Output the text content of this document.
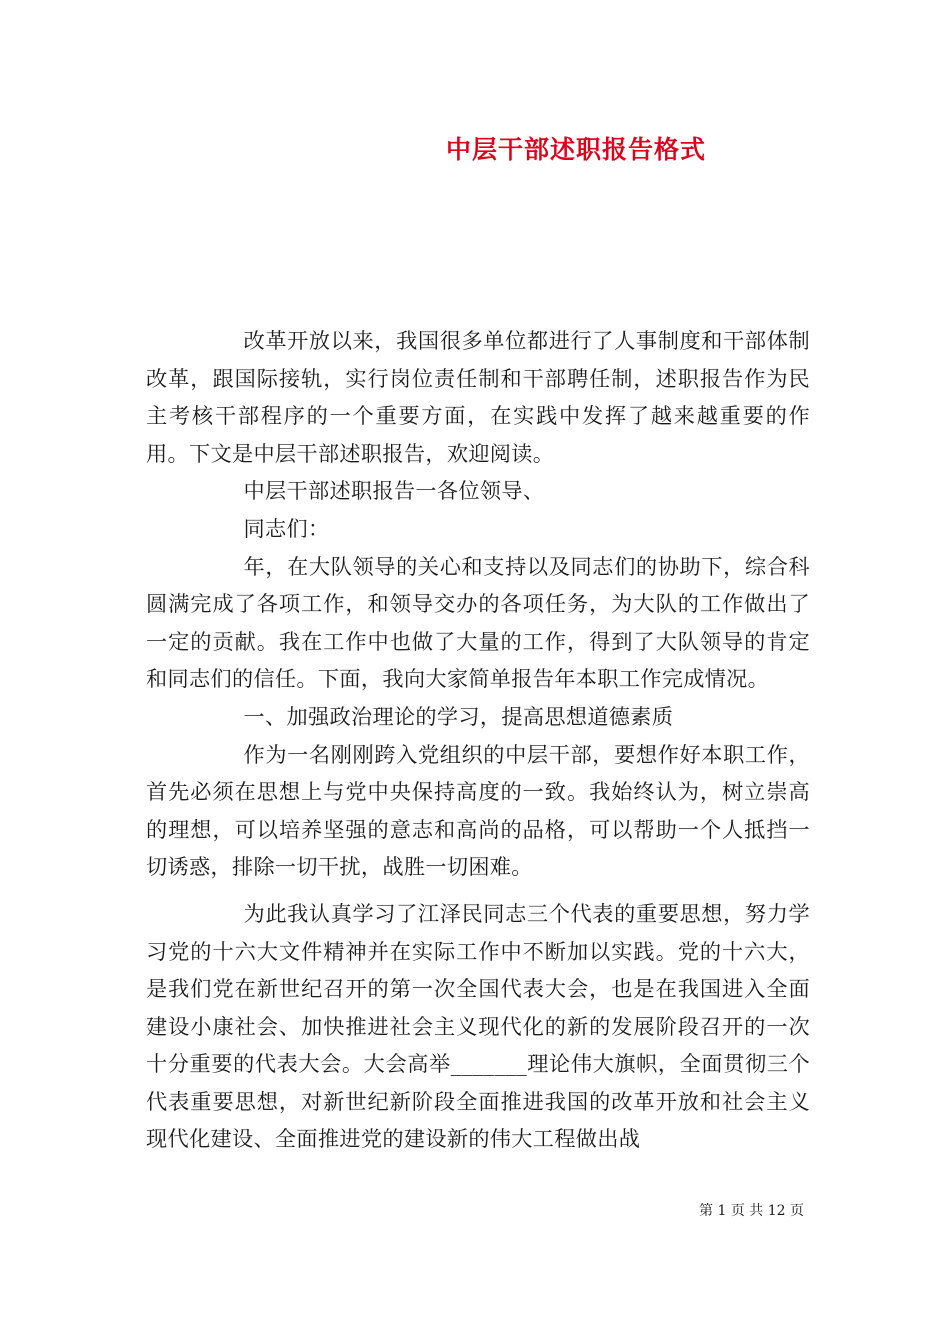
中层干部述职报告格式

改革开放以来，我国很多单位都进行了人事制度和干部体制改革，跟国际接轨，实行岗位责任制和干部聘任制，述职报告作为民主考核干部程序的一个重要方面，在实践中发挥了越来越重要的作用。下文是中层干部述职报告，欢迎阅读。

中层干部述职报告一各位领导、

同志们：

年，在大队领导的关心和支持以及同志们的协助下，综合科圆满完成了各项工作，和领导交办的各项任务，为大队的工作做出了一定的贡献。我在工作中也做了大量的工作，得到了大队领导的肯定和同志们的信任。下面，我向大家简单报告年本职工作完成情况。

一、加强政治理论的学习，提高思想道德素质

作为一名刚刚跨入党组织的中层干部，要想作好本职工作，首先必须在思想上与党中央保持高度的一致。我始终认为，树立崇高的理想，可以培养坚强的意志和高尚的品格，可以帮助一个人抵挡一切诱惑，排除一切干扰，战胜一切困难。

为此我认真学习了江泽民同志三个代表的重要思想，努力学习党的十六大文件精神并在实际工作中不断加以实践。党的十六大，是我们党在新世纪召开的第一次全国代表大会，也是在我国进入全面建设小康社会、加快推进社会主义现代化的新的发展阶段召开的一次十分重要的代表大会。大会高举_______理论伟大旗帜，全面贯彻三个代表重要思想，对新世纪新阶段全面推进我国的改革开放和社会主义现代化建设、全面推进党的建设新的伟大工程做出战

第 1 页 共 12 页
